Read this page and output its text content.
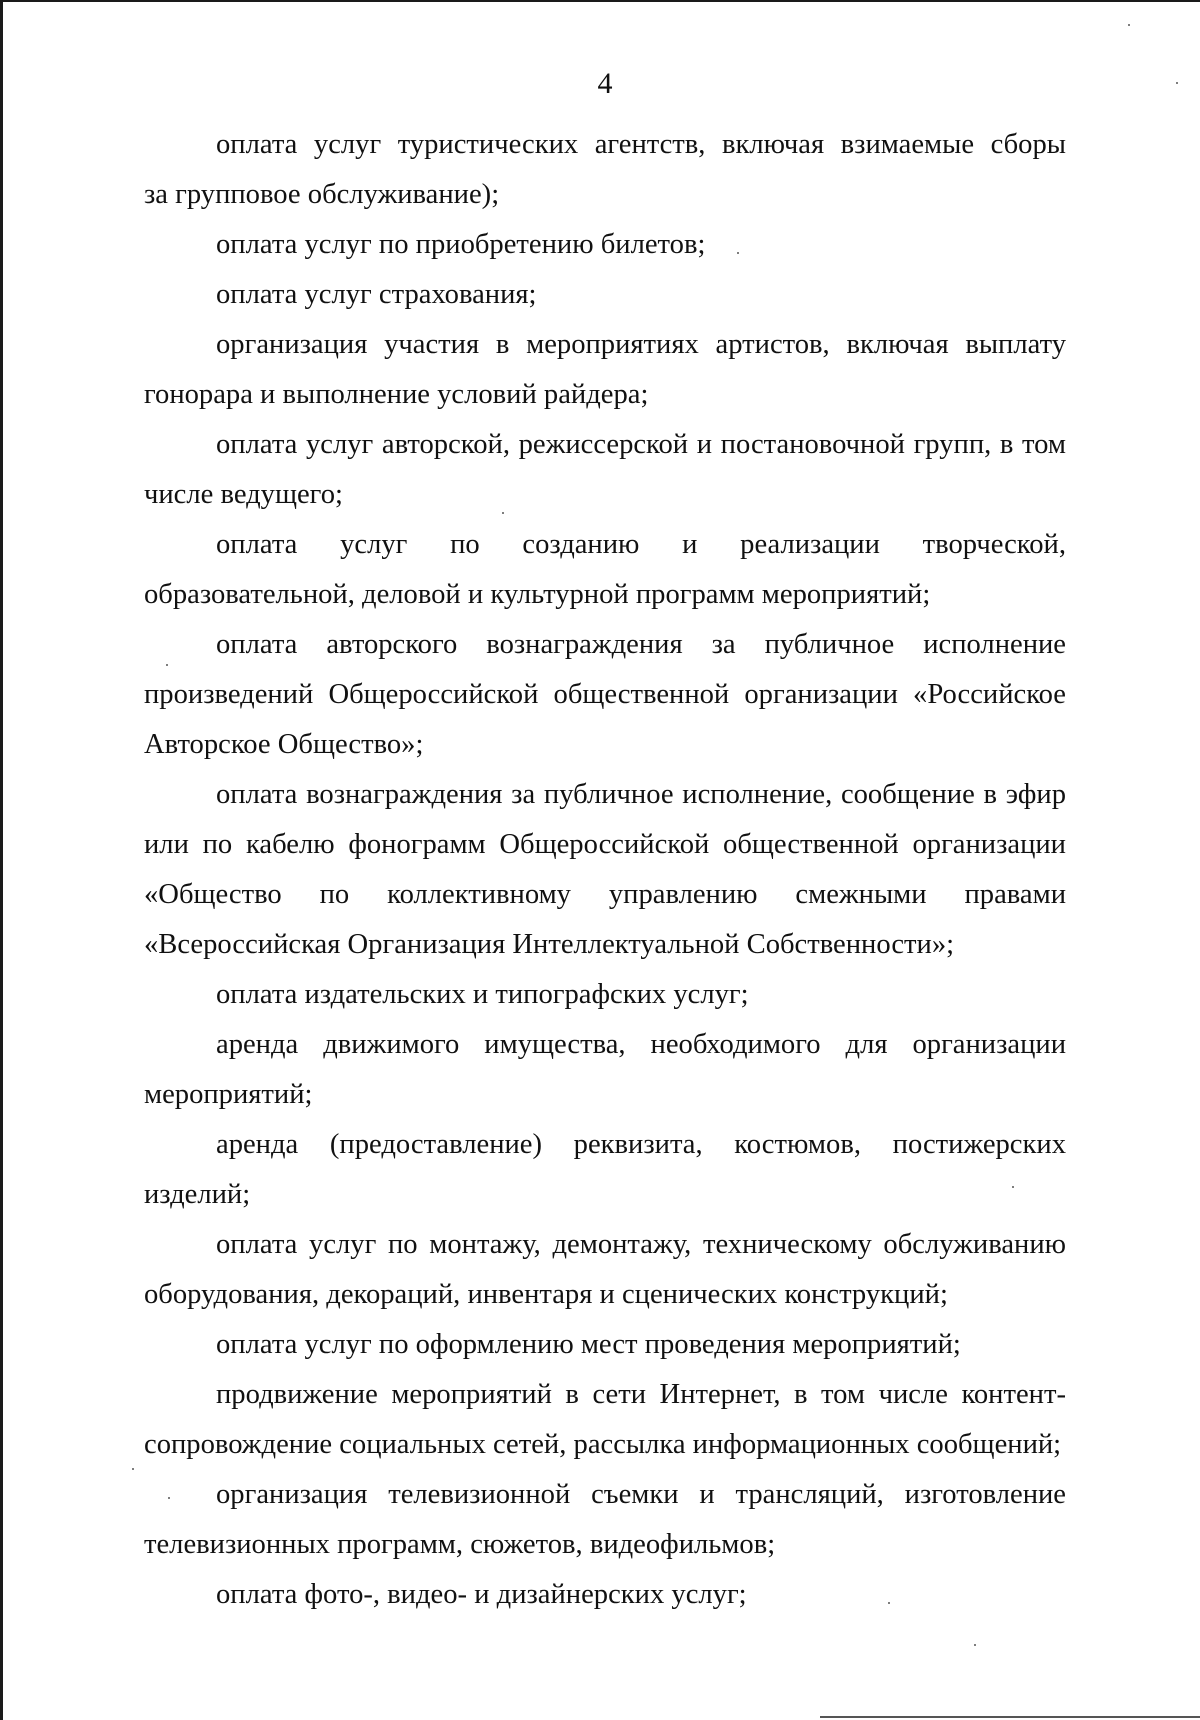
4

оплата услуг туристических агентств, включая взимаемые сборы
за групповое обслуживание);

оплата услуг по приобретению билетов;

оплата услуг страхования;

организация участия в мероприятиях артистов, включая выплату
гонорара и выполнение условий райдера;

оплата услуг авторской, режиссерской и постановочной групп, в том
числе ведущего;

оплата услуг по созданию и реализации творческой,
образовательной, деловой и культурной программ мероприятий;

оплата авторского вознаграждения за публичное исполнение
произведений Общероссийской общественной организации «Российское
Авторское Общество»;

оплата вознаграждения за публичное исполнение, сообщение в эфир
или по кабелю фонограмм Общероссийской общественной организации
«Общество по коллективному управлению смежными правами
«Всероссийская Организация Интеллектуальной Собственности»;

оплата издательских и типографских услуг;

аренда движимого имущества, необходимого для организации
мероприятий;

аренда (предоставление) реквизита, костюмов, постижерских
изделий;

оплата услуг по монтажу, демонтажу, техническому обслуживанию
оборудования, декораций, инвентаря и сценических конструкций;

оплата услуг по оформлению мест проведения мероприятий;

продвижение мероприятий в сети Интернет, в том числе контент-
сопровождение социальных сетей, рассылка информационных сообщений;

организация телевизионной съемки и трансляций, изготовление
телевизионных программ, сюжетов, видеофильмов;

оплата фото-, видео- и дизайнерских услуг;
